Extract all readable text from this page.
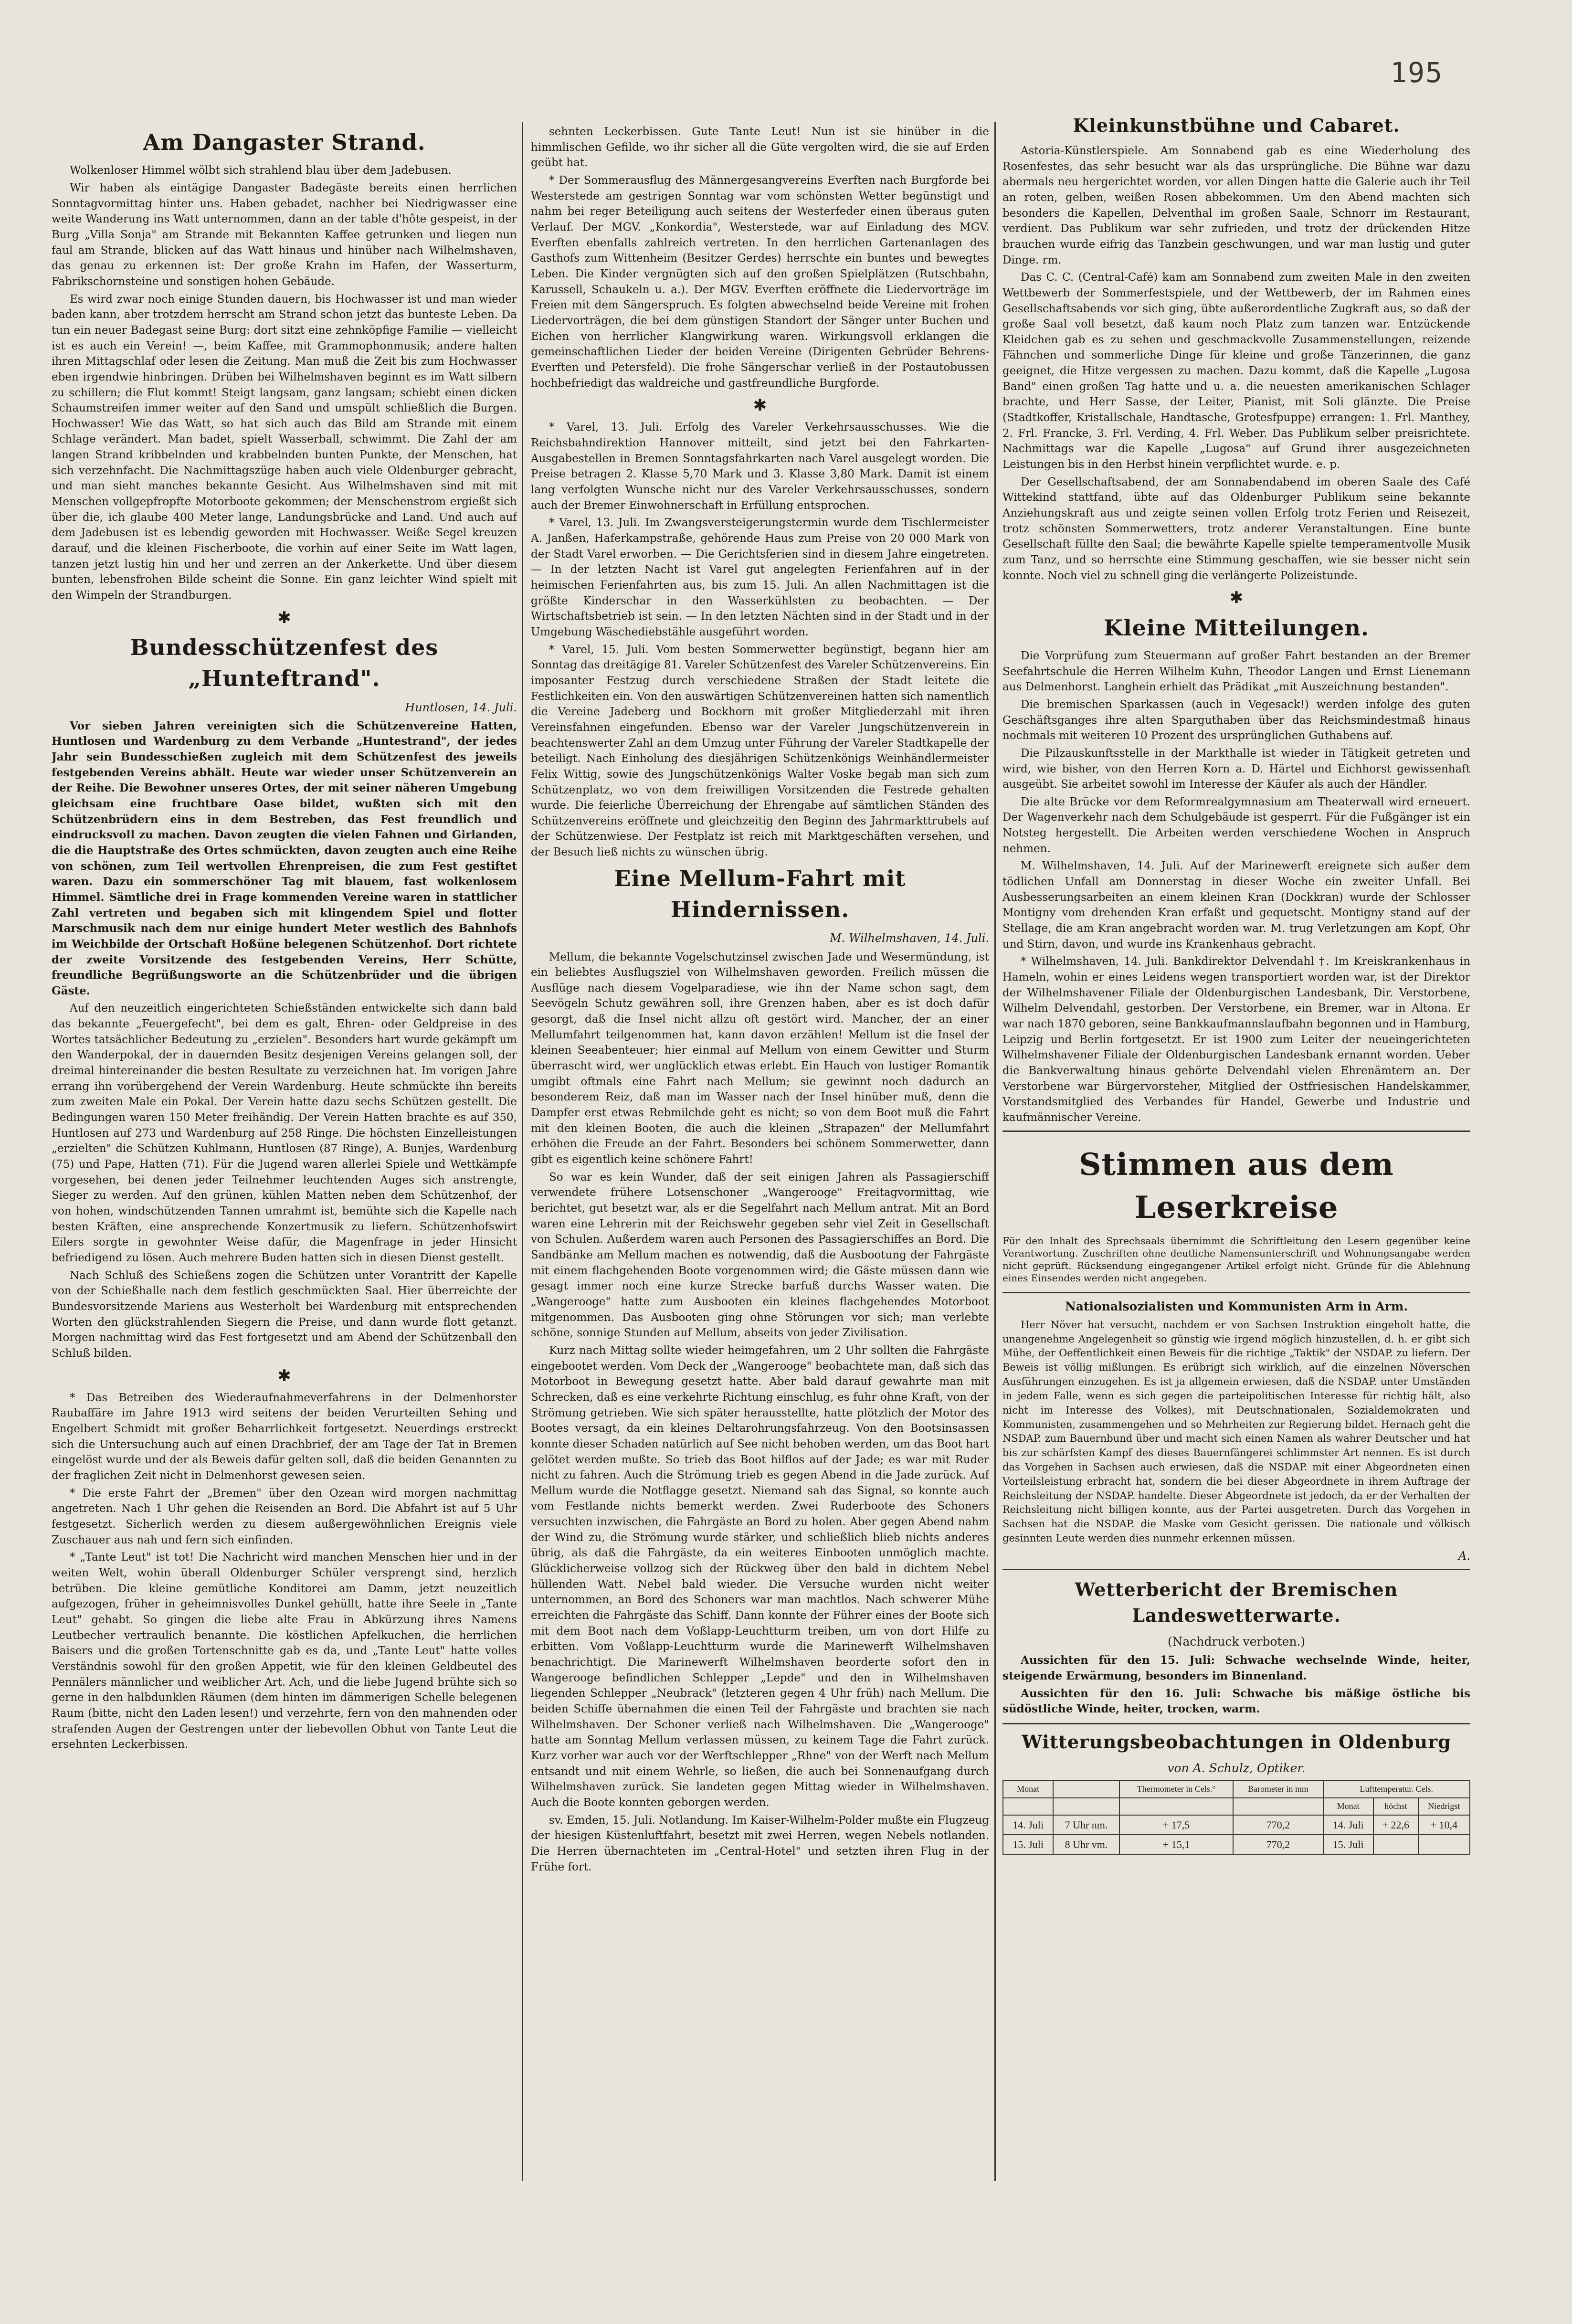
195
Am Dangaster Strand.

Wolkenloser Himmel wölbt sich strahlend blau über dem Jadebusen.

Wir haben als eintägige Dangaster Badegäste bereits einen herrlichen Sonntagvormittag hinter uns. Haben gebadet, nachher bei Niedrigwasser eine weite Wanderung ins Watt unternommen, dann an der table d'hôte gespeist, in der Burg „Villa Sonja" am Strande mit Bekannten Kaffee getrunken und liegen nun faul am Strande, blicken auf das Watt hinaus und hinüber nach Wilhelmshaven, das genau zu erkennen ist: Der große Krahn im Hafen, der Wasserturm, Fabrikschornsteine und sonstigen hohen Gebäude.

Es wird zwar noch einige Stunden dauern, bis Hochwasser ist und man wieder baden kann, aber trotzdem herrscht am Strand schon jetzt das bunteste Leben. Da tun ein neuer Badegast seine Burg: dort sitzt eine zehnköpfige Familie — vielleicht ist es auch ein Verein! —, beim Kaffee, mit Grammophonmusik; andere halten ihren Mittagschlaf oder lesen die Zeitung. Man muß die Zeit bis zum Hochwasser eben irgendwie hinbringen. Drüben bei Wilhelmshaven beginnt es im Watt silbern zu schillern; die Flut kommt! Steigt langsam, ganz langsam; schiebt einen dicken Schaumstreifen immer weiter auf den Sand und umspült schließlich die Burgen. Hochwasser! Wie das Watt, so hat sich auch das Bild am Strande mit einem Schlage verändert. Man badet, spielt Wasserball, schwimmt. Die Zahl der am langen Strand kribbelnden und krabbelnden bunten Punkte, der Menschen, hat sich verzehnfacht. Die Nachmittagszüge haben auch viele Oldenburger gebracht, und man sieht manches bekannte Gesicht. Aus Wilhelmshaven sind mit mit Menschen vollgepfropfte Motorboote gekommen; der Menschenstrom ergießt sich über die, ich glaube 400 Meter lange, Landungsbrücke and Land. Und auch auf dem Jadebusen ist es lebendig geworden mit Hochwasser. Weiße Segel kreuzen darauf, und die kleinen Fischerboote, die vorhin auf einer Seite im Watt lagen, tanzen jetzt lustig hin und her und zerren an der Ankerkette. Und über diesem bunten, lebensfrohen Bilde scheint die Sonne. Ein ganz leichter Wind spielt mit den Wimpeln der Strandburgen.

✱
Bundesschützenfest des „Hunteftrand".
Huntlosen, 14. Juli.

Vor sieben Jahren vereinigten sich die Schützenvereine Hatten, Huntlosen und Wardenburg zu dem Verbande „Huntestrand", der jedes Jahr sein Bundesschießen zugleich mit dem Schützenfest des jeweils festgebenden Vereins abhält. Heute war wieder unser Schützenverein an der Reihe. Die Bewohner unseres Ortes, der mit seiner näheren Umgebung gleichsam eine fruchtbare Oase bildet, wußten sich mit den Schützenbrüdern eins in dem Bestreben, das Fest freundlich und eindrucksvoll zu machen. Davon zeugten die vielen Fahnen und Girlanden, die die Hauptstraße des Ortes schmückten, davon zeugten auch eine Reihe von schönen, zum Teil wertvollen Ehrenpreisen, die zum Fest gestiftet waren. Dazu ein sommerschöner Tag mit blauem, fast wolkenlosem Himmel. Sämtliche drei in Frage kommenden Vereine waren in stattlicher Zahl vertreten und begaben sich mit klingendem Spiel und flotter Marschmusik nach dem nur einige hundert Meter westlich des Bahnhofs im Weichbilde der Ortschaft Hoßüne belegenen Schützenhof. Dort richtete der zweite Vorsitzende des festgebenden Vereins, Herr Schütte, freundliche Begrüßungsworte an die Schützenbrüder und die übrigen Gäste.

Auf den neuzeitlich eingerichteten Schießständen entwickelte sich dann bald das bekannte „Feuergefecht", bei dem es galt, Ehren- oder Geldpreise in des Wortes tatsächlicher Bedeutung zu „erzielen". Besonders hart wurde gekämpft um den Wanderpokal, der in dauernden Besitz desjenigen Vereins gelangen soll, der dreimal hintereinander die besten Resultate zu verzeichnen hat. Im vorigen Jahre errang ihn vorübergehend der Verein Wardenburg. Heute schmückte ihn bereits zum zweiten Male ein Pokal. Der Verein hatte dazu sechs Schützen gestellt. Die Bedingungen waren 150 Meter freihändig. Der Verein Hatten brachte es auf 350, Huntlosen auf 273 und Wardenburg auf 258 Ringe. Die höchsten Einzelleistungen „erzielten" die Schützen Kuhlmann, Huntlosen (87 Ringe), A. Bunjes, Wardenburg (75) und Pape, Hatten (71). Für die Jugend waren allerlei Spiele und Wettkämpfe vorgesehen, bei denen jeder Teilnehmer leuchtenden Auges sich anstrengte, Sieger zu werden. Auf den grünen, kühlen Matten neben dem Schützenhof, der von hohen, windschützenden Tannen umrahmt ist, bemühte sich die Kapelle nach besten Kräften, eine ansprechende Konzertmusik zu liefern. Schützenhofswirt Eilers sorgte in gewohnter Weise dafür, die Magenfrage in jeder Hinsicht befriedigend zu lösen. Auch mehrere Buden hatten sich in diesen Dienst gestellt.

Nach Schluß des Schießens zogen die Schützen unter Vorantritt der Kapelle von der Schießhalle nach dem festlich geschmückten Saal. Hier überreichte der Bundesvorsitzende Mariens aus Westerholt bei Wardenburg mit entsprechenden Worten den glückstrahlenden Siegern die Preise, und dann wurde flott getanzt. Morgen nachmittag wird das Fest fortgesetzt und am Abend der Schützenball den Schluß bilden.

✱

* Das Betreiben des Wiederaufnahmeverfahrens in der Delmenhorster Raubaffäre im Jahre 1913 wird seitens der beiden Verurteilten Sehing und Engelbert Schmidt mit großer Beharrlichkeit fortgesetzt. Neuerdings erstreckt sich die Untersuchung auch auf einen Drachbrief, der am Tage der Tat in Bremen eingelöst wurde und der als Beweis dafür gelten soll, daß die beiden Genannten zu der fraglichen Zeit nicht in Delmenhorst gewesen seien.

* Die erste Fahrt der „Bremen" über den Ozean wird morgen nachmittag angetreten. Nach 1 Uhr gehen die Reisenden an Bord. Die Abfahrt ist auf 5 Uhr festgesetzt. Sicherlich werden zu diesem außergewöhnlichen Ereignis viele Zuschauer aus nah und fern sich einfinden.

* „Tante Leut" ist tot! Die Nachricht wird manchen Menschen hier und in der weiten Welt, wohin überall Oldenburger Schüler versprengt sind, herzlich betrüben. Die kleine gemütliche Konditorei am Damm, jetzt neuzeitlich aufgezogen, früher in geheimnisvolles Dunkel gehüllt, hatte ihre Seele in „Tante Leut" gehabt. So gingen die liebe alte Frau in Abkürzung ihres Namens Leutbecher vertraulich benannte. Die köstlichen Apfelkuchen, die herrlichen Baisers und die großen Tortenschnitte gab es da, und „Tante Leut" hatte volles Verständnis sowohl für den großen Appetit, wie für den kleinen Geldbeutel des Pennälers männlicher und weiblicher Art. Ach, und die liebe Jugend brühte sich so gerne in den halbdunklen Räumen (dem hinten im dämmerigen Schelle belegenen Raum (bitte, nicht den Laden lesen!) und verzehrte, fern von den mahnenden oder strafenden Augen der Gestrengen unter der liebevollen Obhut von Tante Leut die ersehnten Leckerbissen.

sehnten Leckerbissen. Gute Tante Leut! Nun ist sie hinüber in die himmlischen Gefilde, wo ihr sicher all die Güte vergolten wird, die sie auf Erden geübt hat.

* Der Sommerausflug des Männergesangvereins Everften nach Burgforde bei Westerstede am gestrigen Sonntag war vom schönsten Wetter begünstigt und nahm bei reger Beteiligung auch seitens der Westerfeder einen überaus guten Verlauf. Der MGV. „Konkordia", Westerstede, war auf Einladung des MGV. Everften ebenfalls zahlreich vertreten. In den herrlichen Gartenanlagen des Gasthofs zum Wittenheim (Besitzer Gerdes) herrschte ein buntes und bewegtes Leben. Die Kinder vergnügten sich auf den großen Spielplätzen (Rutschbahn, Karussell, Schaukeln u. a.). Der MGV. Everften eröffnete die Liedervorträge im Freien mit dem Sängerspruch. Es folgten abwechselnd beide Vereine mit frohen Liedervorträgen, die bei dem günstigen Standort der Sänger unter Buchen und Eichen von herrlicher Klangwirkung waren. Wirkungsvoll erklangen die gemeinschaftlichen Lieder der beiden Vereine (Dirigenten Gebrüder Behrens-Everften und Petersfeld). Die frohe Sängerschar verließ in der Postautobussen hochbefriedigt das waldreiche und gastfreundliche Burgforde.

✱

* Varel, 13. Juli. Erfolg des Vareler Verkehrsausschusses. Wie die Reichsbahndirektion Hannover mitteilt, sind jetzt bei den Fahrkarten-Ausgabestellen in Bremen Sonntagsfahrkarten nach Varel ausgelegt worden. Die Preise betragen 2. Klasse 5,70 Mark und 3. Klasse 3,80 Mark. Damit ist einem lang verfolgten Wunsche nicht nur des Vareler Verkehrsausschusses, sondern auch der Bremer Einwohnerschaft in Erfüllung entsprochen.

* Varel, 13. Juli. Im Zwangsversteigerungstermin wurde dem Tischlermeister A. Janßen, Haferkampstraße, gehörende Haus zum Preise von 20 000 Mark von der Stadt Varel erworben. — Die Gerichtsferien sind in diesem Jahre eingetreten. — In der letzten Nacht ist Varel gut angelegten Ferienfahren auf in der heimischen Ferienfahrten aus, bis zum 15. Juli. An allen Nachmittagen ist die größte Kinderschar in den Wasserkühlsten zu beobachten. — Der Wirtschaftsbetrieb ist sein. — In den letzten Nächten sind in der Stadt und in der Umgebung Wäschediebstähle ausgeführt worden.

* Varel, 15. Juli. Vom besten Sommerwetter begünstigt, begann hier am Sonntag das dreitägige 81. Vareler Schützenfest des Vareler Schützenvereins. Ein imposanter Festzug durch verschiedene Straßen der Stadt leitete die Festlichkeiten ein. Von den auswärtigen Schützenvereinen hatten sich namentlich die Vereine Jadeberg und Bockhorn mit großer Mitgliederzahl mit ihren Vereinsfahnen eingefunden. Ebenso war der Vareler Jungschützenverein in beachtenswerter Zahl an dem Umzug unter Führung der Vareler Stadtkapelle der beteiligt. Nach Einholung des diesjährigen Schützenkönigs Weinhändlermeister Felix Wittig, sowie des Jungschützenkönigs Walter Voske begab man sich zum Schützenplatz, wo von dem freiwilligen Vorsitzenden die Festrede gehalten wurde. Die feierliche Überreichung der Ehrengabe auf sämtlichen Ständen des Schützenvereins eröffnete und gleichzeitig den Beginn des Jahrmarkttrubels auf der Schützenwiese. Der Festplatz ist reich mit Marktgeschäften versehen, und der Besuch ließ nichts zu wünschen übrig.

Eine Mellum-Fahrt mit Hindernissen.
M. Wilhelmshaven, 14. Juli.

Mellum, die bekannte Vogelschutzinsel zwischen Jade und Wesermündung, ist ein beliebtes Ausflugsziel von Wilhelmshaven geworden. Freilich müssen die Ausflüge nach diesem Vogelparadiese, wie ihn der Name schon sagt, dem Seevögeln Schutz gewähren soll, ihre Grenzen haben, aber es ist doch dafür gesorgt, daß die Insel nicht allzu oft gestört wird. Mancher, der an einer Mellumfahrt teilgenommen hat, kann davon erzählen! Mellum ist die Insel der kleinen Seeabenteuer; hier einmal auf Mellum von einem Gewitter und Sturm überrascht wird, wer unglücklich etwas erlebt. Ein Hauch von lustiger Romantik umgibt oftmals eine Fahrt nach Mellum; sie gewinnt noch dadurch an besonderem Reiz, daß man im Wasser nach der Insel hinüber muß, denn die Dampfer erst etwas Rebmilchde geht es nicht; so von dem Boot muß die Fahrt mit den kleinen Booten, die auch die kleinen „Strapazen" der Mellumfahrt erhöhen die Freude an der Fahrt. Besonders bei schönem Sommerwetter, dann gibt es eigentlich keine schönere Fahrt!

So war es kein Wunder, daß der seit einigen Jahren als Passagierschiff verwendete frühere Lotsenschoner „Wangerooge" Freitagvormittag, wie berichtet, gut besetzt war, als er die Segelfahrt nach Mellum antrat. Mit an Bord waren eine Lehrerin mit der Reichswehr gegeben sehr viel Zeit in Gesellschaft von Schulen. Außerdem waren auch Personen des Passagierschiffes an Bord. Die Sandbänke am Mellum machen es notwendig, daß die Ausbootung der Fahrgäste mit einem flachgehenden Boote vorgenommen wird; die Gäste müssen dann wie gesagt immer noch eine kurze Strecke barfuß durchs Wasser waten. Die „Wangerooge" hatte zum Ausbooten ein kleines flachgehendes Motorboot mitgenommen. Das Ausbooten ging ohne Störungen vor sich; man verlebte schöne, sonnige Stunden auf Mellum, abseits von jeder Zivilisation.

Kurz nach Mittag sollte wieder heimgefahren, um 2 Uhr sollten die Fahrgäste eingebootet werden. Vom Deck der „Wangerooge" beobachtete man, daß sich das Motorboot in Bewegung gesetzt hatte. Aber bald darauf gewahrte man mit Schrecken, daß es eine verkehrte Richtung einschlug, es fuhr ohne Kraft, von der Strömung getrieben. Wie sich später herausstellte, hatte plötzlich der Motor des Bootes versagt, da ein kleines Deltarohrungsfahrzeug. Von den Bootsinsassen konnte dieser Schaden natürlich auf See nicht behoben werden, um das Boot hart gelötet werden mußte. So trieb das Boot hilflos auf der Jade; es war mit Ruder nicht zu fahren. Auch die Strömung trieb es gegen Abend in die Jade zurück. Auf Mellum wurde die Notflagge gesetzt. Niemand sah das Signal, so konnte auch vom Festlande nichts bemerkt werden. Zwei Ruderboote des Schoners versuchten inzwischen, die Fahrgäste an Bord zu holen. Aber gegen Abend nahm der Wind zu, die Strömung wurde stärker, und schließlich blieb nichts anderes übrig, als daß die Fahrgäste, da ein weiteres Einbooten unmöglich machte. Glücklicherweise vollzog sich der Rückweg über den bald in dichtem Nebel hüllenden Watt. Nebel bald wieder. Die Versuche wurden nicht weiter unternommen, an Bord des Schoners war man machtlos. Nach schwerer Mühe erreichten die Fahrgäste das Schiff. Dann konnte der Führer eines der Boote sich mit dem Boot nach dem Voßlapp-Leuchtturm treiben, um von dort Hilfe zu erbitten. Vom Voßlapp-Leuchtturm wurde die Marinewerft Wilhelmshaven benachrichtigt. Die Marinewerft Wilhelmshaven beorderte sofort den in Wangerooge befindlichen Schlepper „Lepde" und den in Wilhelmshaven liegenden Schlepper „Neubrack" (letzteren gegen 4 Uhr früh) nach Mellum. Die beiden Schiffe übernahmen die einen Teil der Fahrgäste und brachten sie nach Wilhelmshaven. Der Schoner verließ nach Wilhelmshaven. Die „Wangerooge" hatte am Sonntag Mellum verlassen müssen, zu keinem Tage die Fahrt zurück. Kurz vorher war auch vor der Werftschlepper „Rhne" von der Werft nach Mellum entsandt und mit einem Wehrle, so ließen, die auch bei Sonnenaufgang durch Wilhelmshaven zurück. Sie landeten gegen Mittag wieder in Wilhelmshaven. Auch die Boote konnten geborgen werden.

sv. Emden, 15. Juli. Notlandung. Im Kaiser-Wilhelm-Polder mußte ein Flugzeug der hiesigen Küstenluftfahrt, besetzt mit zwei Herren, wegen Nebels notlanden. Die Herren übernachteten im „Central-Hotel" und setzten ihren Flug in der Frühe fort.

Kleinkunstbühne und Cabaret.

Astoria-Künstlerspiele. Am Sonnabend gab es eine Wiederholung des Rosenfestes, das sehr besucht war als das ursprüngliche. Die Bühne war dazu abermals neu hergerichtet worden, vor allen Dingen hatte die Galerie auch ihr Teil an roten, gelben, weißen Rosen abbekommen. Um den Abend machten sich besonders die Kapellen, Delventhal im großen Saale, Schnorr im Restaurant, verdient. Das Publikum war sehr zufrieden, und trotz der drückenden Hitze brauchen wurde eifrig das Tanzbein geschwungen, und war man lustig und guter Dinge. rm.

Das C. C. (Central-Café) kam am Sonnabend zum zweiten Male in den zweiten Wettbewerb der Sommerfestspiele, und der Wettbewerb, der im Rahmen eines Gesellschaftsabends vor sich ging, übte außerordentliche Zugkraft aus, so daß der große Saal voll besetzt, daß kaum noch Platz zum tanzen war. Entzückende Kleidchen gab es zu sehen und geschmackvolle Zusammenstellungen, reizende Fähnchen und sommerliche Dinge für kleine und große Tänzerinnen, die ganz geeignet, die Hitze vergessen zu machen. Dazu kommt, daß die Kapelle „Lugosa Band" einen großen Tag hatte und u. a. die neuesten amerikanischen Schlager brachte, und Herr Sasse, der Leiter, Pianist, mit Soli glänzte. Die Preise (Stadtkoffer, Kristallschale, Handtasche, Grotesfpuppe) errangen: 1. Frl. Manthey, 2. Frl. Francke, 3. Frl. Verding, 4. Frl. Weber. Das Publikum selber preisrichtete. Nachmittags war die Kapelle „Lugosa" auf Grund ihrer ausgezeichneten Leistungen bis in den Herbst hinein verpflichtet wurde. e. p.

Der Gesellschaftsabend, der am Sonnabendabend im oberen Saale des Café Wittekind stattfand, übte auf das Oldenburger Publikum seine bekannte Anziehungskraft aus und zeigte seinen vollen Erfolg trotz Ferien und Reisezeit, trotz schönsten Sommerwetters, trotz anderer Veranstaltungen. Eine bunte Gesellschaft füllte den Saal; die bewährte Kapelle spielte temperamentvolle Musik zum Tanz, und so herrschte eine Stimmung geschaffen, wie sie besser nicht sein konnte. Noch viel zu schnell ging die verlängerte Polizeistunde.

✱
Kleine Mitteilungen.

Die Vorprüfung zum Steuermann auf großer Fahrt bestanden an der Bremer Seefahrtschule die Herren Wilhelm Kuhn, Theodor Langen und Ernst Lienemann aus Delmenhorst. Langhein erhielt das Prädikat „mit Auszeichnung bestanden".

Die bremischen Sparkassen (auch in Vegesack!) werden infolge des guten Geschäftsganges ihre alten Sparguthaben über das Reichsmindestmaß hinaus nochmals mit weiteren 10 Prozent des ursprünglichen Guthabens auf.

Die Pilzauskunftsstelle in der Markthalle ist wieder in Tätigkeit getreten und wird, wie bisher, von den Herren Korn a. D. Härtel und Eichhorst gewissenhaft ausgeübt. Sie arbeitet sowohl im Interesse der Käufer als auch der Händler.

Die alte Brücke vor dem Reformrealgymnasium am Theaterwall wird erneuert. Der Wagenverkehr nach dem Schulgebäude ist gesperrt. Für die Fußgänger ist ein Notsteg hergestellt. Die Arbeiten werden verschiedene Wochen in Anspruch nehmen.

M. Wilhelmshaven, 14. Juli. Auf der Marinewerft ereignete sich außer dem tödlichen Unfall am Donnerstag in dieser Woche ein zweiter Unfall. Bei Ausbesserungsarbeiten an einem kleinen Kran (Dockkran) wurde der Schlosser Montigny vom drehenden Kran erfaßt und gequetscht. Montigny stand auf der Stellage, die am Kran angebracht worden war. M. trug Verletzungen am Kopf, Ohr und Stirn, davon, und wurde ins Krankenhaus gebracht.

* Wilhelmshaven, 14. Juli. Bankdirektor Delvendahl †. Im Kreiskrankenhaus in Hameln, wohin er eines Leidens wegen transportiert worden war, ist der Direktor der Wilhelmshavener Filiale der Oldenburgischen Landesbank, Dir. Verstorbene, Wilhelm Delvendahl, gestorben. Der Verstorbene, ein Bremer, war in Altona. Er war nach 1870 geboren, seine Bankkaufmannslaufbahn begonnen und in Hamburg, Leipzig und Berlin fortgesetzt. Er ist 1900 zum Leiter der neueingerichteten Wilhelmshavener Filiale der Oldenburgischen Landesbank ernannt worden. Ueber die Bankverwaltung hinaus gehörte Delvendahl vielen Ehrenämtern an. Der Verstorbene war Bürgervorsteher, Mitglied der Ostfriesischen Handelskammer, Vorstandsmitglied des Verbandes für Handel, Gewerbe und Industrie und kaufmännischer Vereine.

Stimmen aus dem Leserkreise
Für den Inhalt des Sprechsaals übernimmt die Schriftleitung den Lesern gegenüber keine Verantwortung. Zuschriften ohne deutliche Namensunterschrift und Wohnungsangabe werden nicht geprüft. Rücksendung eingegangener Artikel erfolgt nicht. Gründe für die Ablehnung eines Einsendes werden nicht angegeben.
Nationalsozialisten und Kommunisten Arm in Arm.

Herr Növer hat versucht, nachdem er von Sachsen Instruktion eingeholt hatte, die unangenehme Angelegenheit so günstig wie irgend möglich hinzustellen, d. h. er gibt sich Mühe, der Oeffentlichkeit einen Beweis für die richtige „Taktik" der NSDAP. zu liefern. Der Beweis ist völlig mißlungen. Es erübrigt sich wirklich, auf die einzelnen Növerschen Ausführungen einzugehen. Es ist ja allgemein erwiesen, daß die NSDAP. unter Umständen in jedem Falle, wenn es sich gegen die parteipolitischen Interesse für richtig hält, also nicht im Interesse des Volkes), mit Deutschnationalen, Sozialdemokraten und Kommunisten, zusammengehen und so Mehrheiten zur Regierung bildet. Hernach geht die NSDAP. zum Bauernbund über und macht sich einen Namen als wahrer Deutscher und hat bis zur schärfsten Kampf des dieses Bauernfängerei schlimmster Art nennen. Es ist durch das Vorgehen in Sachsen auch erwiesen, daß die NSDAP. mit einer Abgeordneten einen Vorteilsleistung erbracht hat, sondern die bei dieser Abgeordnete in ihrem Auftrage der Reichsleitung der NSDAP. handelte. Dieser Abgeordnete ist jedoch, da er der Verhalten der Reichsleitung nicht billigen konnte, aus der Partei ausgetreten. Durch das Vorgehen in Sachsen hat die NSDAP. die Maske vom Gesicht gerissen. Die nationale und völkisch gesinnten Leute werden dies nunmehr erkennen müssen.

A.
Wetterbericht der Bremischen Landeswetterwarte.
(Nachdruck verboten.)

Aussichten für den 15. Juli: Schwache wechselnde Winde, heiter, steigende Erwärmung, besonders im Binnenland.

Aussichten für den 16. Juli: Schwache bis mäßige östliche bis südöstliche Winde, heiter, trocken, warm.

Witterungsbeobachtungen in Oldenburg
von A. Schulz, Optiker.
Monat		Thermometer in Cels.°	Barometer in mm	Lufttemperatur. Cels.		
				Monat	höchst	Niedrigst
14. Juli	7 Uhr nm.	+ 17,5	770,2	14. Juli	+ 22,6	+ 10,4
15. Juli	8 Uhr vm.	+ 15,1	770,2	15. Juli		
